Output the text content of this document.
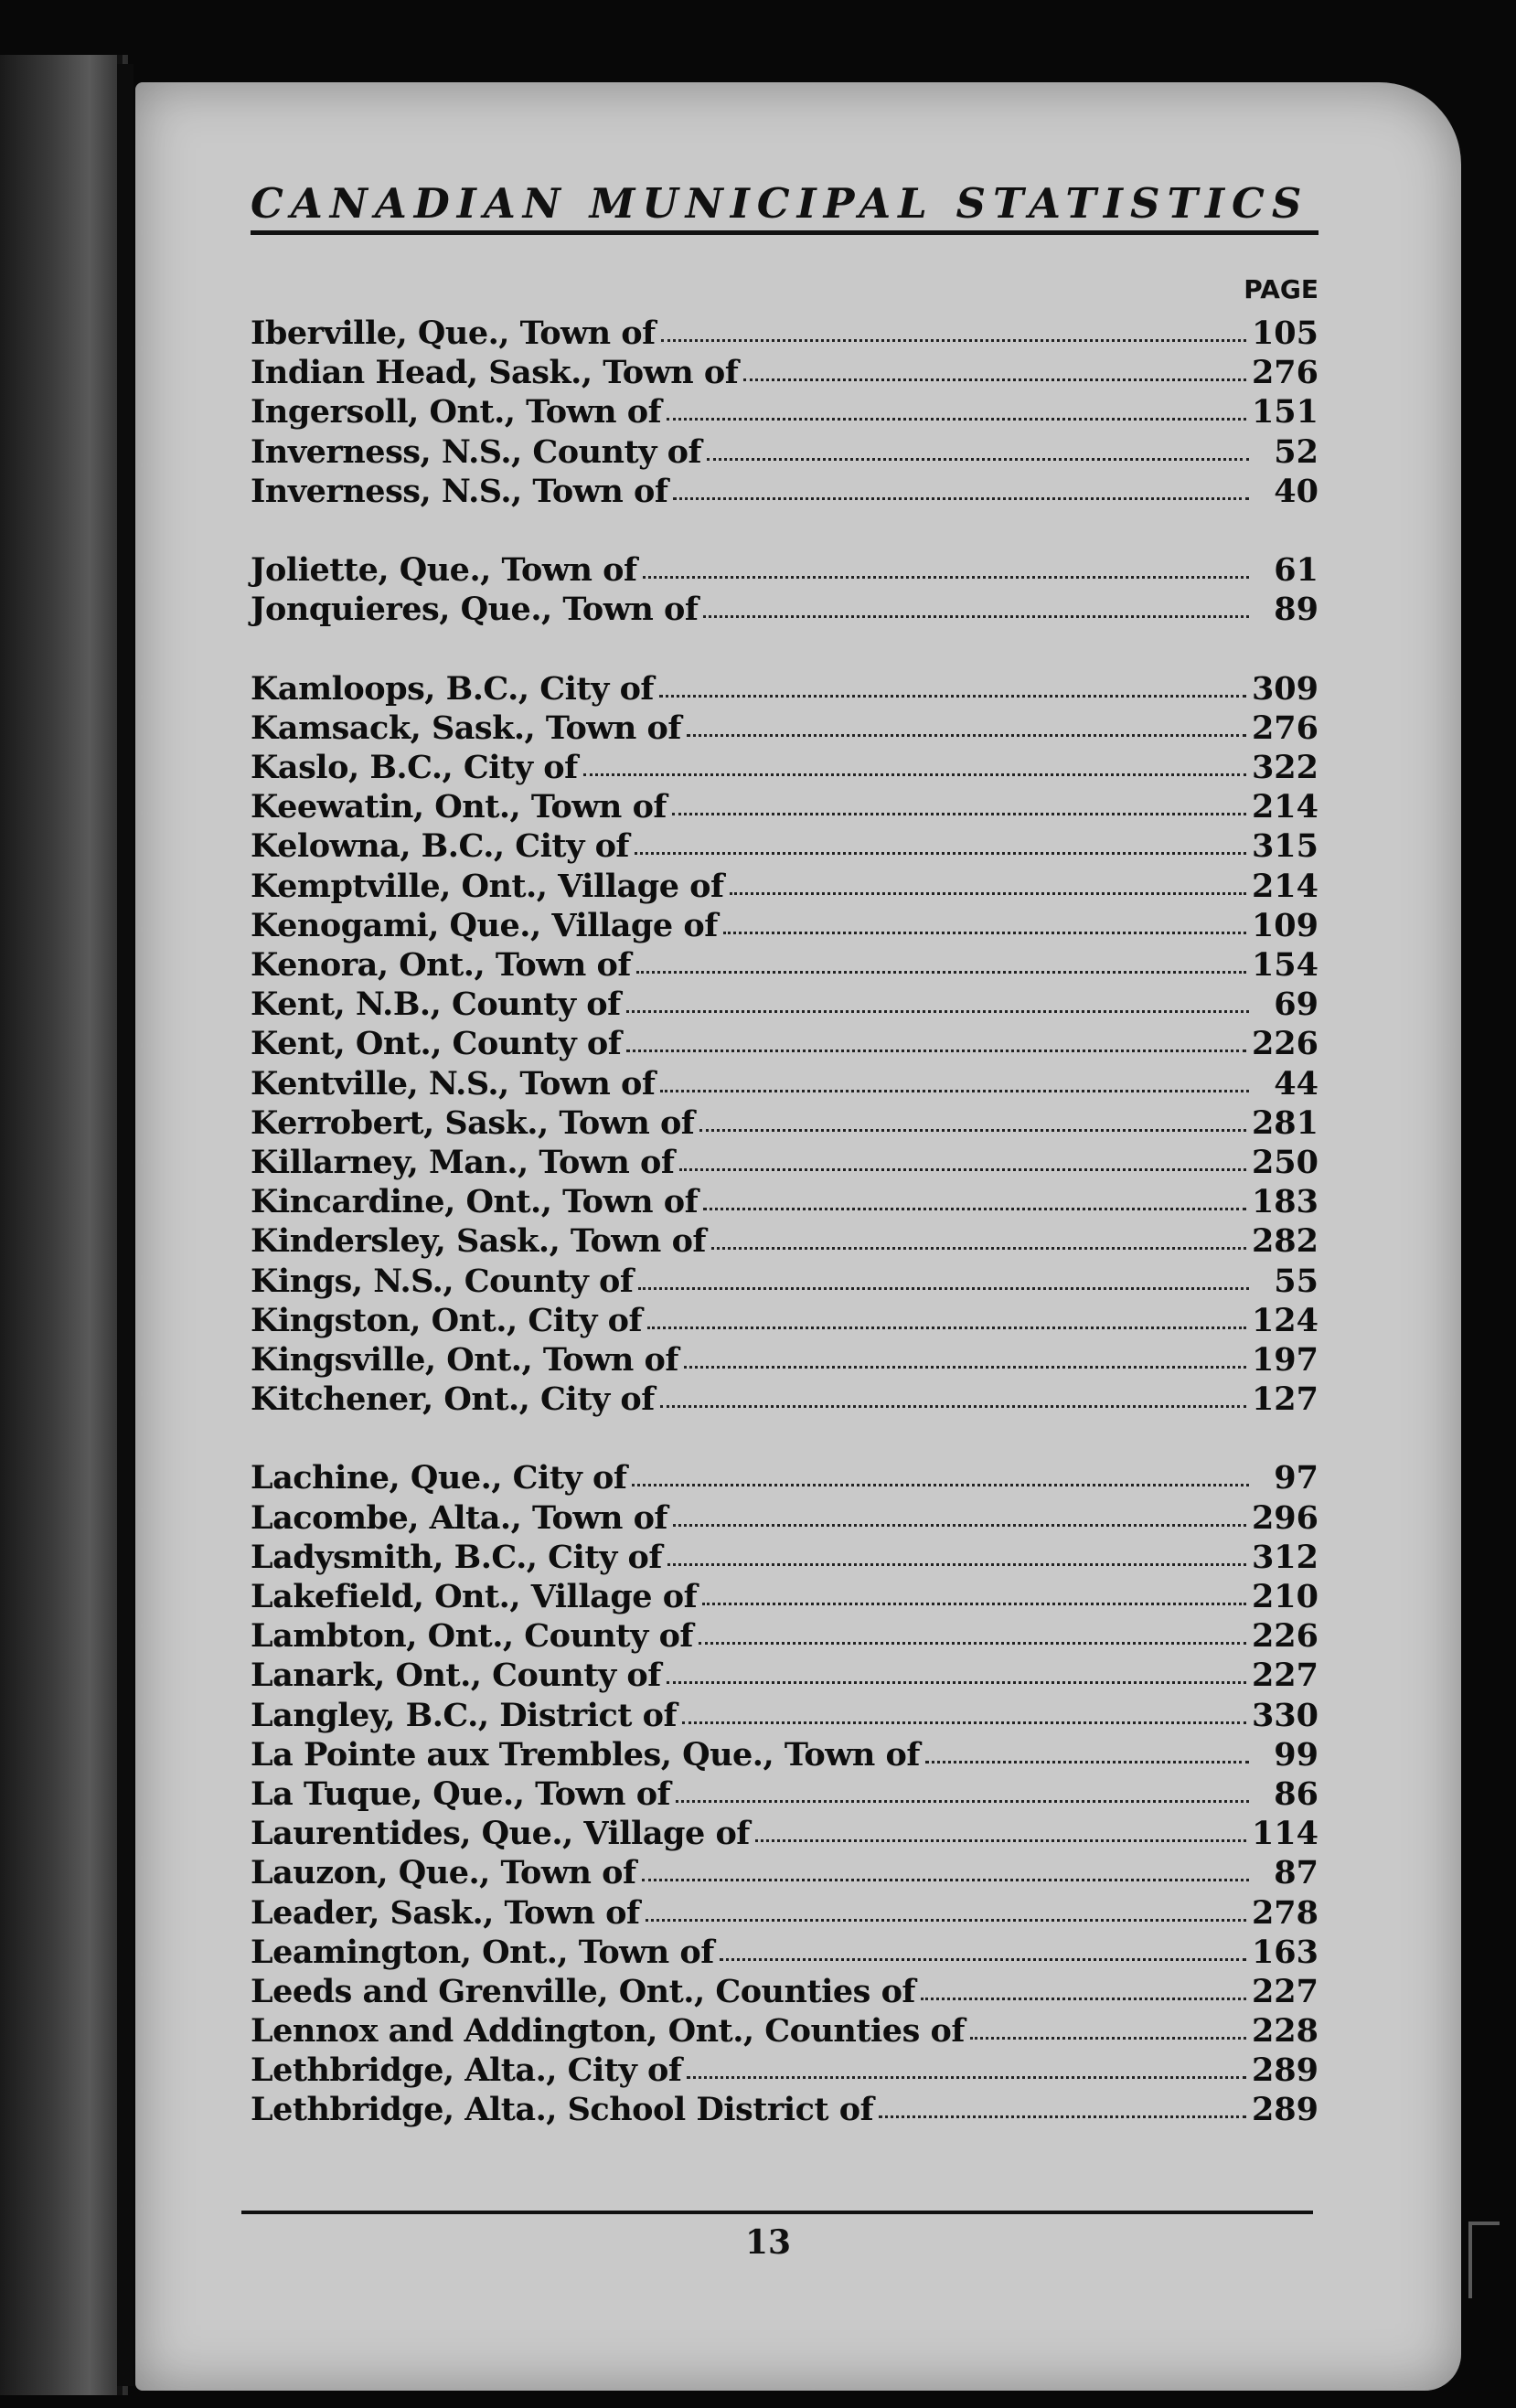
CANADIAN MUNICIPAL STATISTICS
PAGE
Iberville, Que., Town of	105
Indian Head, Sask., Town of	276
Ingersoll, Ont., Town of	151
Inverness, N.S., County of	52
Inverness, N.S., Town of	40
Joliette, Que., Town of	61
Jonquieres, Que., Town of	89
Kamloops, B.C., City of	309
Kamsack, Sask., Town of	276
Kaslo, B.C., City of	322
Keewatin, Ont., Town of	214
Kelowna, B.C., City of	315
Kemptville, Ont., Village of	214
Kenogami, Que., Village of	109
Kenora, Ont., Town of	154
Kent, N.B., County of	69
Kent, Ont., County of	226
Kentville, N.S., Town of	44
Kerrobert, Sask., Town of	281
Killarney, Man., Town of	250
Kincardine, Ont., Town of	183
Kindersley, Sask., Town of	282
Kings, N.S., County of	55
Kingston, Ont., City of	124
Kingsville, Ont., Town of	197
Kitchener, Ont., City of	127
Lachine, Que., City of	97
Lacombe, Alta., Town of	296
Ladysmith, B.C., City of	312
Lakefield, Ont., Village of	210
Lambton, Ont., County of	226
Lanark, Ont., County of	227
Langley, B.C., District of	330
La Pointe aux Trembles, Que., Town of	99
La Tuque, Que., Town of	86
Laurentides, Que., Village of	114
Lauzon, Que., Town of	87
Leader, Sask., Town of	278
Leamington, Ont., Town of	163
Leeds and Grenville, Ont., Counties of	227
Lennox and Addington, Ont., Counties of	228
Lethbridge, Alta., City of	289
Lethbridge, Alta., School District of	289
13
